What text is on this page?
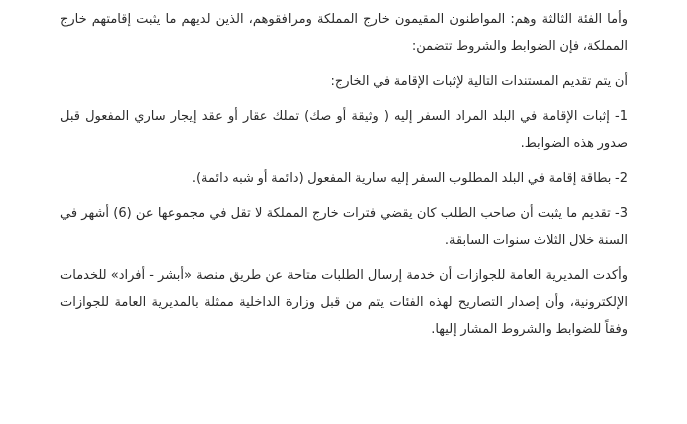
وأما الفئة الثالثة وهم: المواطنون المقيمون خارج المملكة ومرافقوهم، الذين لديهم ما يثبت إقامتهم خارج المملكة، فإن الضوابط والشروط تتضمن:

أن يتم تقديم المستندات التالية لإثبات الإقامة في الخارج:

1- إثبات الإقامة في البلد المراد السفر إليه ( وثيقة أو صك) تملك عقار أو عقد إيجار ساري المفعول قبل صدور هذه الضوابط.

2- بطاقة إقامة في البلد المطلوب السفر إليه سارية المفعول (دائمة أو شبه دائمة).

3- تقديم ما يثبت أن صاحب الطلب كان يقضي فترات خارج المملكة لا تقل في مجموعها عن (6) أشهر في السنة خلال الثلاث سنوات السابقة.

وأكدت المديرية العامة للجوازات أن خدمة إرسال الطلبات متاحة عن طريق منصة «أبشر - أفراد» للخدمات الإلكترونية، وأن إصدار التصاريح لهذه الفئات يتم من قبل وزارة الداخلية ممثلة بالمديرية العامة للجوازات وفقاً للضوابط والشروط المشار إليها.
